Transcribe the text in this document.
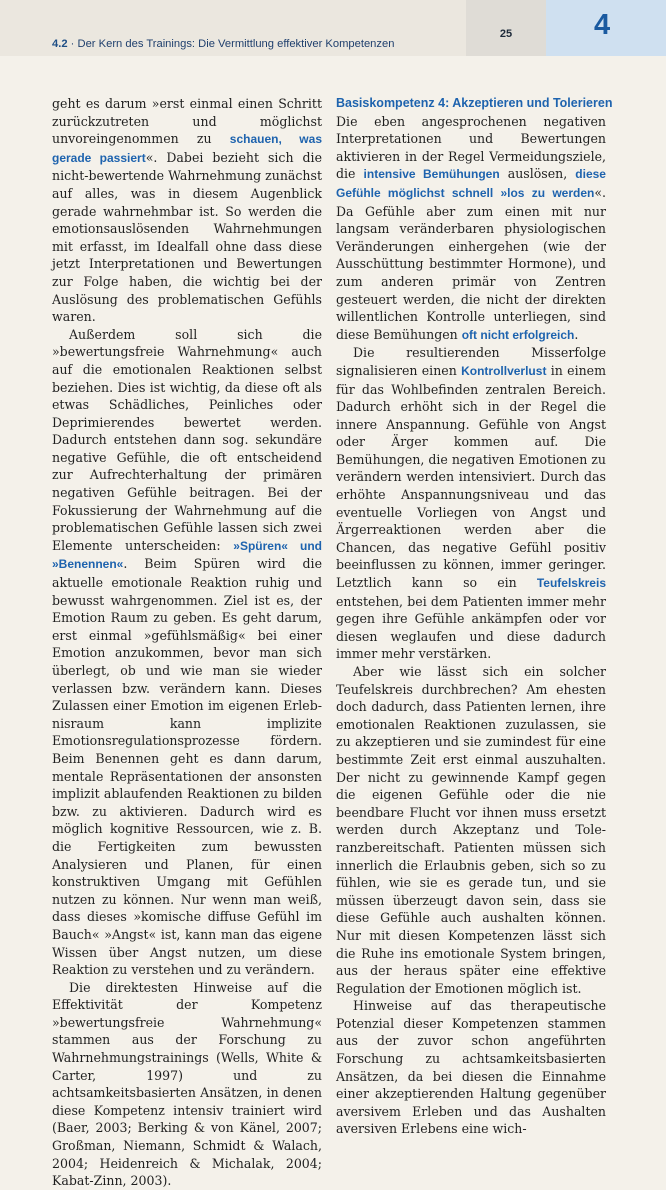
4.2 · Der Kern des Trainings: Die Vermittlung effektiver Kompetenzen
25	4

geht es darum »erst einmal einen Schritt zurückzutreten und möglichst unvoreingenommen zu schauen, was gerade passiert«. Dabei bezieht sich die nicht-bewertende Wahrnehmung zunächst auf alles, was in diesem Augenblick gerade wahrnehmbar ist. So werden die emotionsauslösenden Wahrnehmungen mit erfasst, im Idealfall ohne dass diese jetzt Interpretationen und Bewertungen zur Folge haben, die wichtig bei der Auslösung des problematischen Gefühls waren.

Außerdem soll sich die »bewertungsfreie Wahrnehmung« auch auf die emotionalen Reaktionen selbst beziehen. Dies ist wichtig, da diese oft als etwas Schädliches, Peinliches oder Deprimierendes bewertet werden. Dadurch entstehen dann sog. sekundäre negative Gefühle, die oft entscheidend zur Aufrechterhaltung der primären negativen Gefühle beitragen. Bei der Fokussierung der Wahrnehmung auf die problematischen Gefühle lassen sich zwei Elemente unterscheiden: »Spüren« und »Benennen«. Beim Spüren wird die aktuelle emotionale Reaktion ruhig und bewusst wahrgenommen. Ziel ist es, der Emotion Raum zu geben. Es geht darum, erst einmal »gefühlsmäßig« bei einer Emotion anzukommen, bevor man sich überlegt, ob und wie man sie wieder verlassen bzw. verändern kann. Dieses Zulassen einer Emotion im eigenen Erlebnisraum kann implizite Emotionsregulationsprozesse fördern. Beim Benennen geht es dann darum, mentale Repräsentationen der ansonsten implizit ablaufenden Reaktionen zu bilden bzw. zu aktivieren. Dadurch wird es möglich kognitive Ressourcen, wie z. B. die Fertigkeiten zum bewussten Analysieren und Planen, für einen konstruktiven Umgang mit Gefühlen nutzen zu können. Nur wenn man weiß, dass dieses »komische diffuse Gefühl im Bauch« »Angst« ist, kann man das eigene Wissen über Angst nutzen, um diese Reaktion zu verstehen und zu verändern.

Die direktesten Hinweise auf die Effektivität der Kompetenz »bewertungsfreie Wahrnehmung« stammen aus der Forschung zu Wahrnehmungstrainings (Wells, White & Carter, 1997) und zu achtsamkeitsbasierten Ansätzen, in denen diese Kompetenz intensiv trainiert wird (Baer, 2003; Berking & von Känel, 2007; Großman, Niemann, Schmidt & Walach, 2004; Heidenreich & Michalak, 2004; Kabat-Zinn, 2003).

Basiskompetenz 4: Akzeptieren und Tolerieren

Die eben angesprochenen negativen Interpretationen und Bewertungen aktivieren in der Regel Vermeidungsziele, die intensive Bemühungen auslösen, diese Gefühle möglichst schnell »los zu werden«. Da Gefühle aber zum einen mit nur langsam veränderbaren physiologischen Veränderungen einhergehen (wie der Ausschüttung bestimmter Hormone), und zum anderen primär von Zentren gesteuert werden, die nicht der direkten willentlichen Kontrolle unterliegen, sind diese Bemühungen oft nicht erfolgreich.

Die resultierenden Misserfolge signalisieren einen Kontrollverlust in einem für das Wohlbefinden zentralen Bereich. Dadurch erhöht sich in der Regel die innere Anspannung. Gefühle von Angst oder Ärger kommen auf. Die Bemühungen, die negativen Emotionen zu verändern werden intensiviert. Durch das erhöhte Anspannungsniveau und das eventuelle Vorliegen von Angst und Ärgerreaktionen werden aber die Chancen, das negative Gefühl positiv beeinflussen zu können, immer geringer. Letztlich kann so ein Teufelskreis entstehen, bei dem Patienten immer mehr gegen ihre Gefühle ankämpfen oder vor diesen weglaufen und diese dadurch immer mehr verstärken.

Aber wie lässt sich ein solcher Teufelskreis durchbrechen? Am ehesten doch dadurch, dass Patienten lernen, ihre emotionalen Reaktionen zuzulassen, sie zu akzeptieren und sie zumindest für eine bestimmte Zeit erst einmal auszuhalten. Der nicht zu gewinnende Kampf gegen die eigenen Gefühle oder die nie beendbare Flucht vor ihnen muss ersetzt werden durch Akzeptanz und Toleranzbereitschaft. Patienten müssen sich innerlich die Erlaubnis geben, sich so zu fühlen, wie sie es gerade tun, und sie müssen überzeugt davon sein, dass sie diese Gefühle auch aushalten können. Nur mit diesen Kompetenzen lässt sich die Ruhe ins emotionale System bringen, aus der heraus später eine effektive Regulation der Emotionen möglich ist.

Hinweise auf das therapeutische Potenzial dieser Kompetenzen stammen aus der zuvor schon angeführten Forschung zu achtsamkeitsbasierten Ansätzen, da bei diesen die Einnahme einer akzeptierenden Haltung gegenüber aversivem Erleben und das Aushalten aversiven Erlebens eine wich-
